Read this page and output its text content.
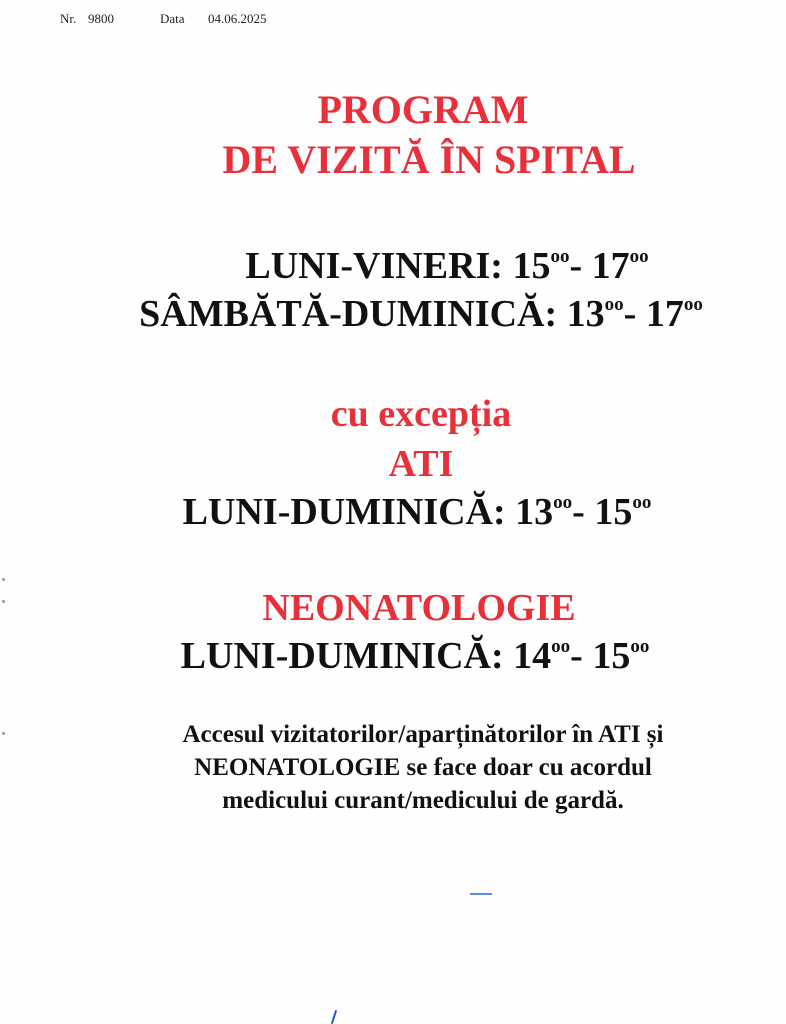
Nr. 9800	Data 04.06.2025
PROGRAM
DE VIZITĂ ÎN SPITAL
LUNI-VINERI: $15^{oo}-$ $17^{oo}$
SÂMBĂTĂ-DUMINICĂ: $13^{oo}-$ $17^{oo}$
cu excepția
ATI
LUNI-DUMINICĂ: $13^{oo}-$ $15^{oo}$
NEONATOLOGIE
LUNI-DUMINICĂ: $14^{oo}-$ $15^{oo}$
Accesul vizitatorilor/aparținătorilor în ATI și
NEONATOLOGIE se face doar cu acordul
medicului curant/medicului de gardă.
